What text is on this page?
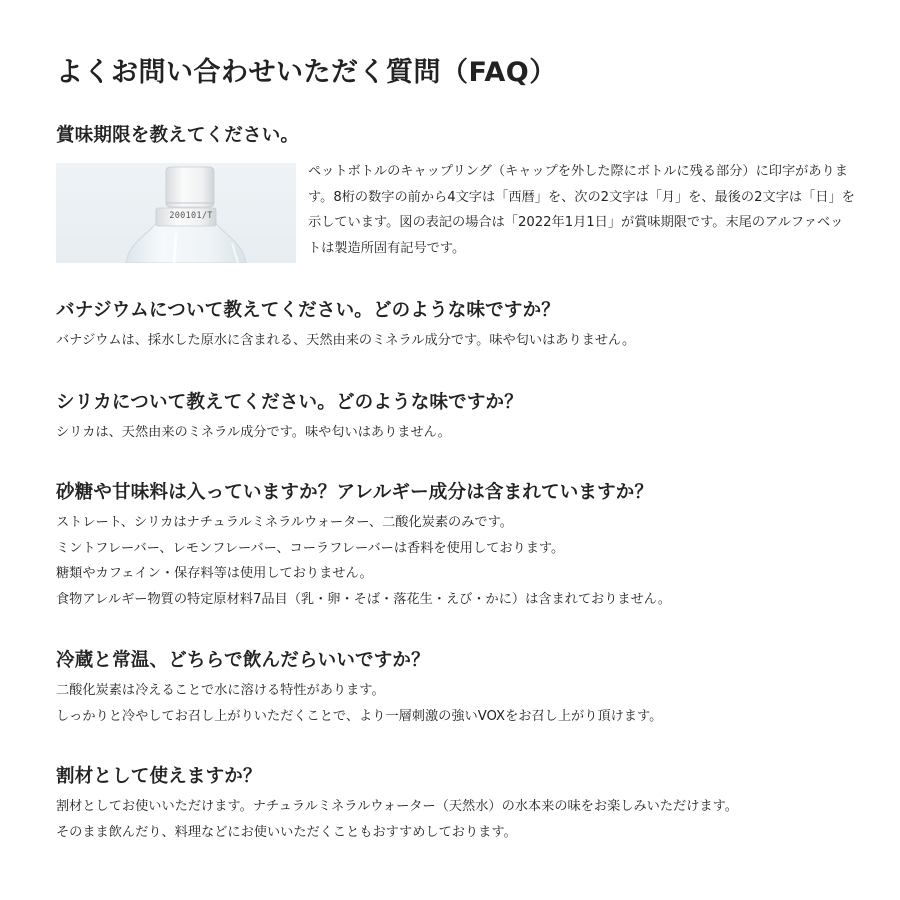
よくお問い合わせいただく質問（FAQ）
賞味期限を教えてください。
200101/T

ペットボトルのキャップリング（キャップを外した際にボトルに残る部分）に印字があります。8桁の数字の前から4文字は「西暦」を、次の2文字は「月」を、最後の2文字は「日」を示しています。図の表記の場合は「2022年1月1日」が賞味期限です。末尾のアルファベットは製造所固有記号です。

バナジウムについて教えてください。どのような味ですか？

バナジウムは、採水した原水に含まれる、天然由来のミネラル成分です。味や匂いはありません。

シリカについて教えてください。どのような味ですか？

シリカは、天然由来のミネラル成分です。味や匂いはありません。

砂糖や甘味料は入っていますか？アレルギー成分は含まれていますか？

ストレート、シリカはナチュラルミネラルウォーター、二酸化炭素のみです。

ミントフレーバー、レモンフレーバー、コーラフレーバーは香料を使用しております。

糖類やカフェイン・保存料等は使用しておりません。

食物アレルギー物質の特定原材料7品目（乳・卵・そば・落花生・えび・かに）は含まれておりません。

冷蔵と常温、どちらで飲んだらいいですか？

二酸化炭素は冷えることで水に溶ける特性があります。

しっかりと冷やしてお召し上がりいただくことで、より一層刺激の強いVOXをお召し上がり頂けます。

割材として使えますか？

割材としてお使いいただけます。ナチュラルミネラルウォーター（天然水）の水本来の味をお楽しみいただけます。

そのまま飲んだり、料理などにお使いいただくこともおすすめしております。
